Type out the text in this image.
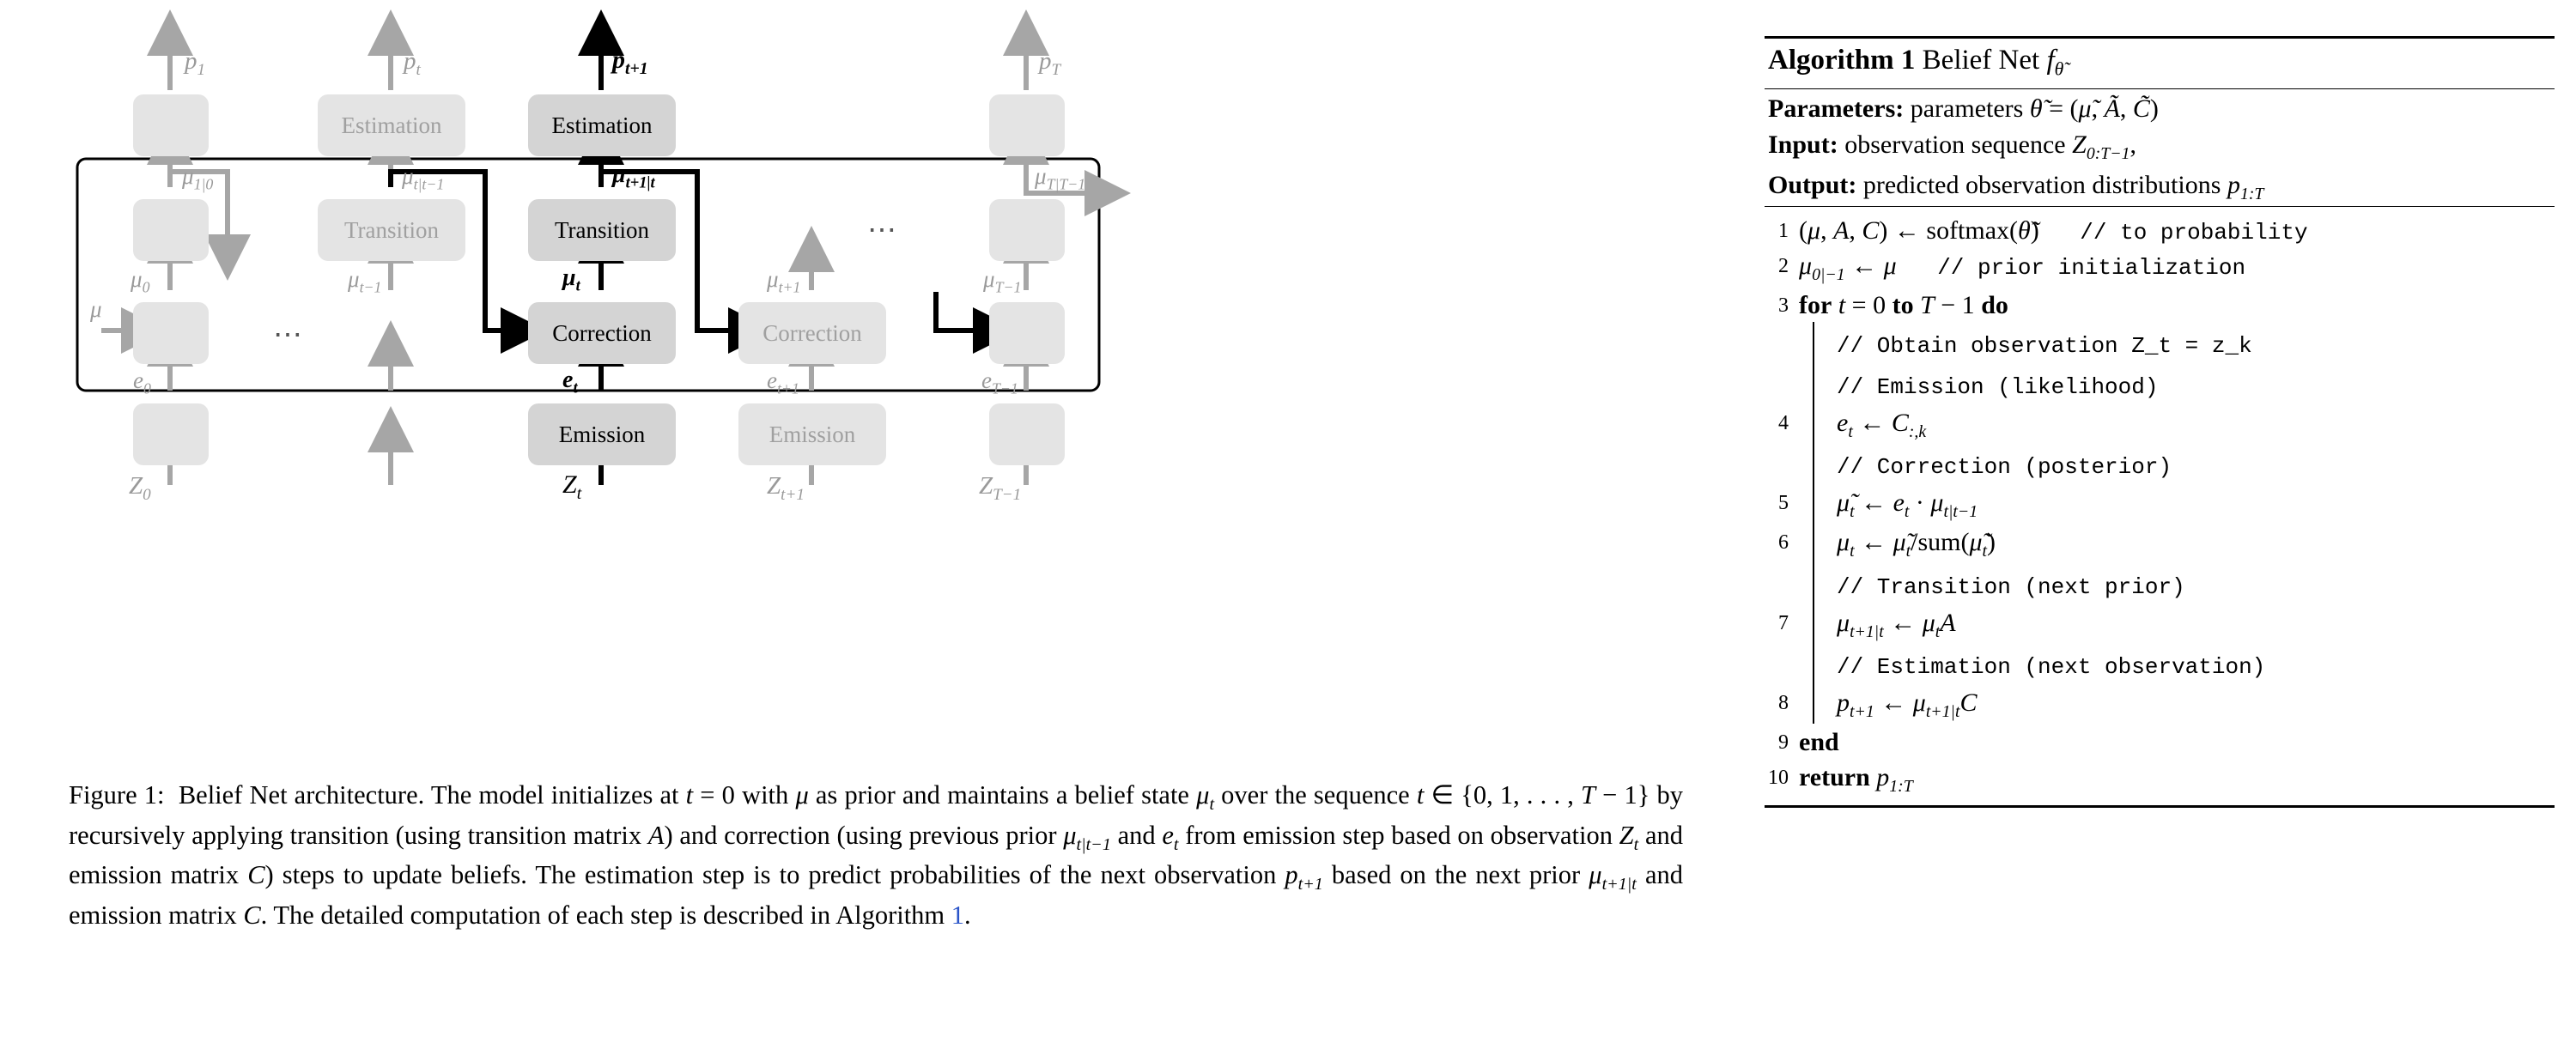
Estimation	Estimation
Transition	Transition
Correction	Correction
Emission	Emission
$p_1$	$p_t$	$p_{t+1}$	$p_T$
$\mu_{1|0}$	$\mu_{t|t-1}$	$\mu_{t+1|t}$	$\mu_{T|T-1}$
$\mu_0$	$\mu_{t-1}$	$\mu_t$	$\mu_{t+1}$	$\mu_{T-1}$
μ
$e_0$	$e_t$	$e_{t+1}$	$e_{T-1}$
$Z_0$	$Z_t$	$Z_{t+1}$	$Z_{T-1}$
⋯
⋯
Figure 1: Belief Net architecture. The model initializes at t = 0 with μ as prior and maintains a belief state $\mu_t$ over the sequence t ∈ {0, 1, . . . , T − 1} by recursively applying transition (using transition matrix A) and correction (using previous prior $\mu_{t|t-1}$ and $e_t$ from emission step based on observation $Z_t$ and emission matrix C) steps to update beliefs. The estimation step is to predict probabilities of the next observation $p_{t+1}$ based on the next prior $\mu_{t+1|t}$ and emission matrix C. The detailed computation of each step is described in Algorithm 1.
Algorithm 1 Belief Net $f_{\thetã}$
Parameters: parameters θ̃ = (μ̃, Ã, C̃)
Input: observation sequence $Z_{0:T-1}$,
Output: predicted observation distributions $p_{1:T}$
1 (μ, A, C) ← softmax(θ̃) // to probability
2 $\mu_{0|-1}$ ← μ // prior initialization
3 for t = 0 to T − 1 do
// Obtain observation Z_t = z_k
// Emission (likelihood)
4	$e_t$ ← $C_{:,k}$
// Correction (posterior)
5	$\mũ_t$ ← $e_t \cdot \mu_{t|t-1}$
6	$\mu_t$ ← $\mũ_t/sum(\mũ_t)$
// Transition (next prior)
7	$\mu_{t+1|t}$ ← $\mu_tA$
// Estimation (next observation)
8	$p_{t+1}$ ← $\mu_{t+1|t}C$
9 end
10 return $p_{1:T}$
